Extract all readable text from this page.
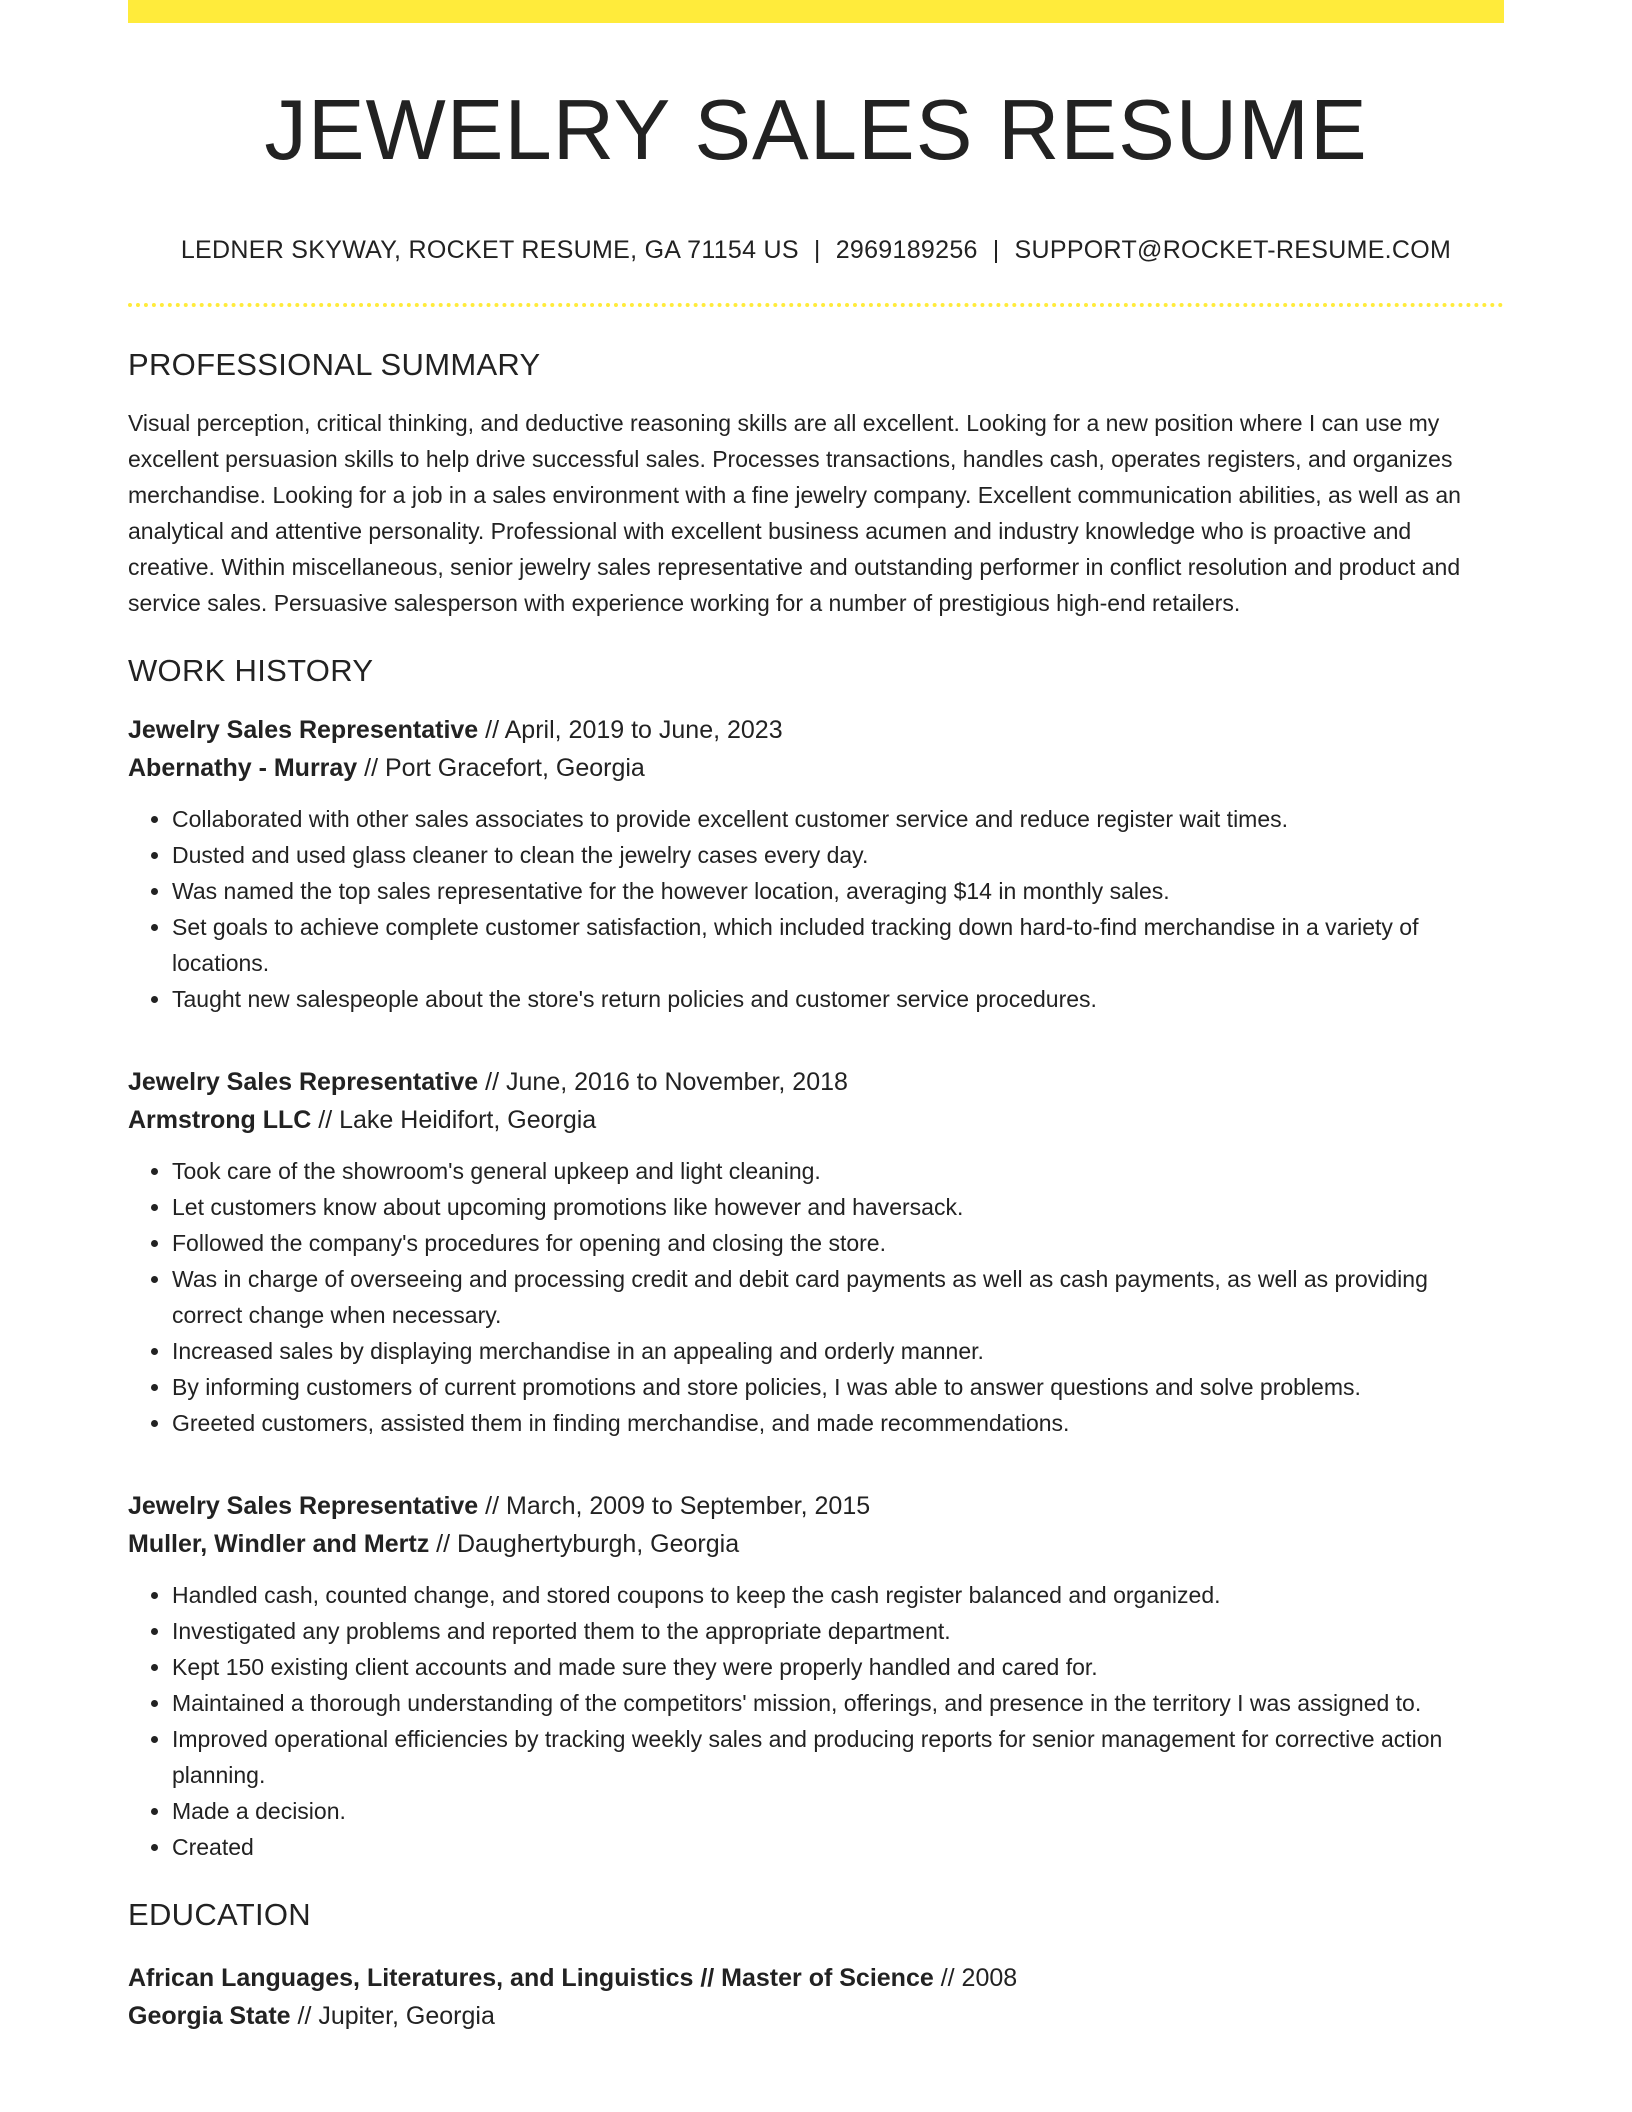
JEWELRY SALES RESUME
LEDNER SKYWAY, ROCKET RESUME, GA 71154 US | 2969189256 | SUPPORT@ROCKET-RESUME.COM
PROFESSIONAL SUMMARY

Visual perception, critical thinking, and deductive reasoning skills are all excellent. Looking for a new position where I can use my excellent persuasion skills to help drive successful sales. Processes transactions, handles cash, operates registers, and organizes merchandise. Looking for a job in a sales environment with a fine jewelry company. Excellent communication abilities, as well as an analytical and attentive personality. Professional with excellent business acumen and industry knowledge who is proactive and creative. Within miscellaneous, senior jewelry sales representative and outstanding performer in conflict resolution and product and service sales. Persuasive salesperson with experience working for a number of prestigious high-end retailers.

WORK HISTORY
Jewelry Sales Representative // April, 2019 to June, 2023
Abernathy - Murray // Port Gracefort, Georgia
• Collaborated with other sales associates to provide excellent customer service and reduce register wait times.
• Dusted and used glass cleaner to clean the jewelry cases every day.
• Was named the top sales representative for the however location, averaging $14 in monthly sales.
• Set goals to achieve complete customer satisfaction, which included tracking down hard-to-find merchandise in a variety of locations.
• Taught new salespeople about the store's return policies and customer service procedures.
Jewelry Sales Representative // June, 2016 to November, 2018
Armstrong LLC // Lake Heidifort, Georgia
• Took care of the showroom's general upkeep and light cleaning.
• Let customers know about upcoming promotions like however and haversack.
• Followed the company's procedures for opening and closing the store.
• Was in charge of overseeing and processing credit and debit card payments as well as cash payments, as well as providing correct change when necessary.
• Increased sales by displaying merchandise in an appealing and orderly manner.
• By informing customers of current promotions and store policies, I was able to answer questions and solve problems.
• Greeted customers, assisted them in finding merchandise, and made recommendations.
Jewelry Sales Representative // March, 2009 to September, 2015
Muller, Windler and Mertz // Daughertyburgh, Georgia
• Handled cash, counted change, and stored coupons to keep the cash register balanced and organized.
• Investigated any problems and reported them to the appropriate department.
• Kept 150 existing client accounts and made sure they were properly handled and cared for.
• Maintained a thorough understanding of the competitors' mission, offerings, and presence in the territory I was assigned to.
• Improved operational efficiencies by tracking weekly sales and producing reports for senior management for corrective action planning.
• Made a decision.
• Created
EDUCATION
African Languages, Literatures, and Linguistics // Master of Science // 2008
Georgia State // Jupiter, Georgia
